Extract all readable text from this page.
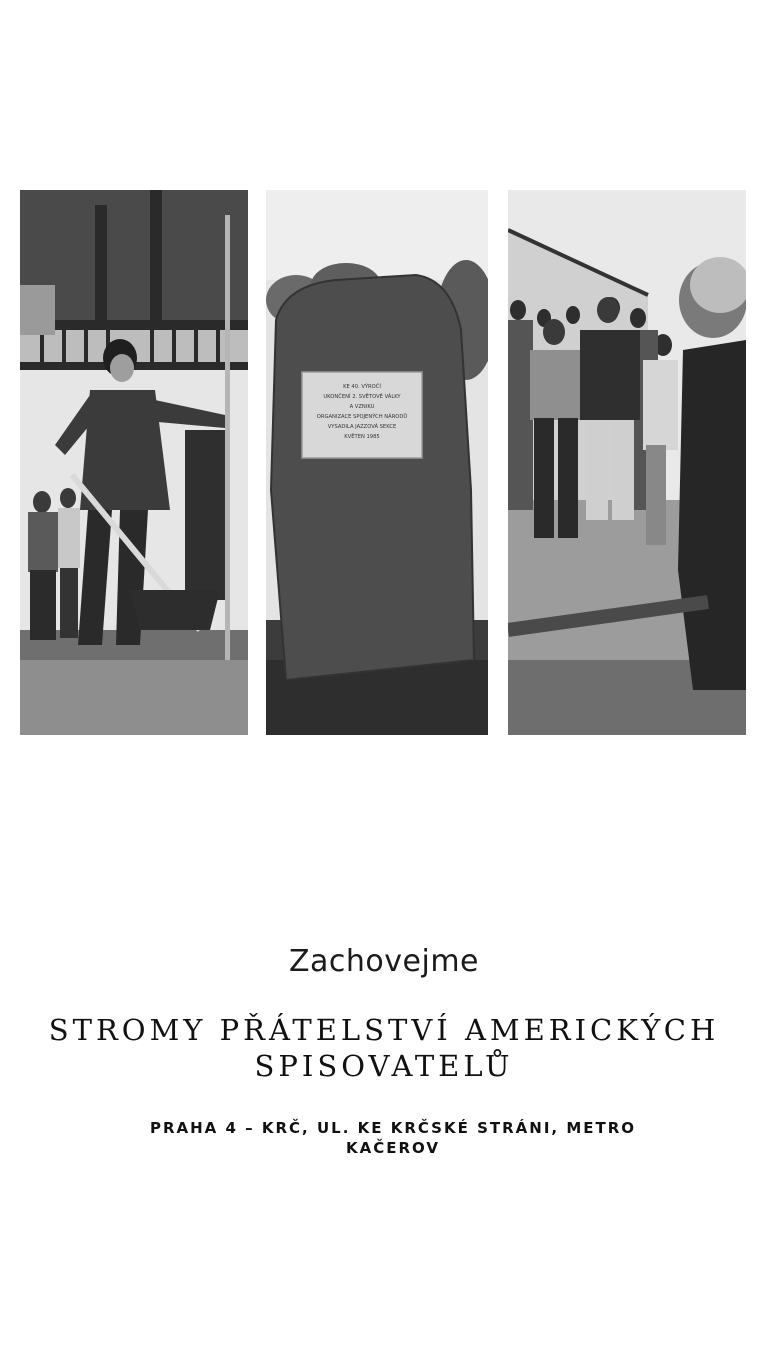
KE 40. VÝROČÍ
UKONČENÍ 2. SVĚTOVÉ VÁLKY
A VZNIKU
ORGANIZACE SPOJENÝCH NÁRODŮ
VYSADILA JAZZOVÁ SEKCE
KVĚTEN 1985
Zachovejme
STROMY PŘÁTELSTVÍ AMERICKÝCH
SPISOVATELŮ
PRAHA 4 – KRČ, UL. KE KRČSKÉ STRÁNI, METRO
KAČEROV
